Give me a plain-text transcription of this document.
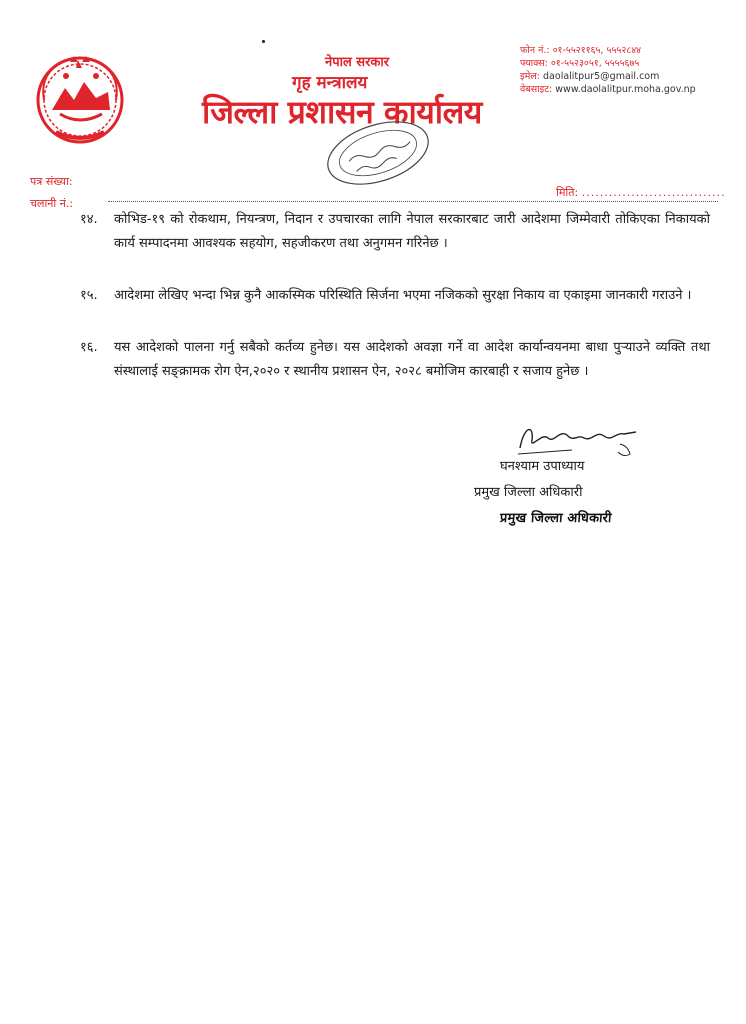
नेपाल सरकार
गृह मन्त्रालय
जिल्ला प्रशासन कार्यालय
फोन नं.: ०१-५५२११६५, ५५५२८४४
फ्याक्स: ०१-५५२३०५१, ५५५५६७५
इमेल: daolalitpur5@gmail.com
वेबसाइट: www.daolalitpur.moha.gov.np
पत्र संख्या:
चलानी नं.:
मिति: ................................
१४.	कोभिड-१९ को रोकथाम, नियन्त्रण, निदान र उपचारका लागि नेपाल सरकारबाट जारी आदेशमा जिम्मेवारी तोकिएका निकायको कार्य सम्पादनमा आवश्यक सहयोग, सहजीकरण तथा अनुगमन गरिनेछ ।
१५.	आदेशमा लेखिए भन्दा भिन्न कुनै आकस्मिक परिस्थिति सिर्जना भएमा नजिकको सुरक्षा निकाय वा एकाइमा जानकारी गराउने ।
१६.	यस आदेशको पालना गर्नु सबैको कर्तव्य हुनेछ। यस आदेशको अवज्ञा गर्ने वा आदेश कार्यान्वयनमा बाधा पुर्‍याउने व्यक्ति तथा संस्थालाई सङ्क्रामक रोग ऐन,२०२० र स्थानीय प्रशासन ऐन, २०२८ बमोजिम कारबाही र सजाय हुनेछ ।
घनश्याम उपाध्याय
प्रमुख जिल्ला अधिकारी
प्रमुख जिल्ला अधिकारी
